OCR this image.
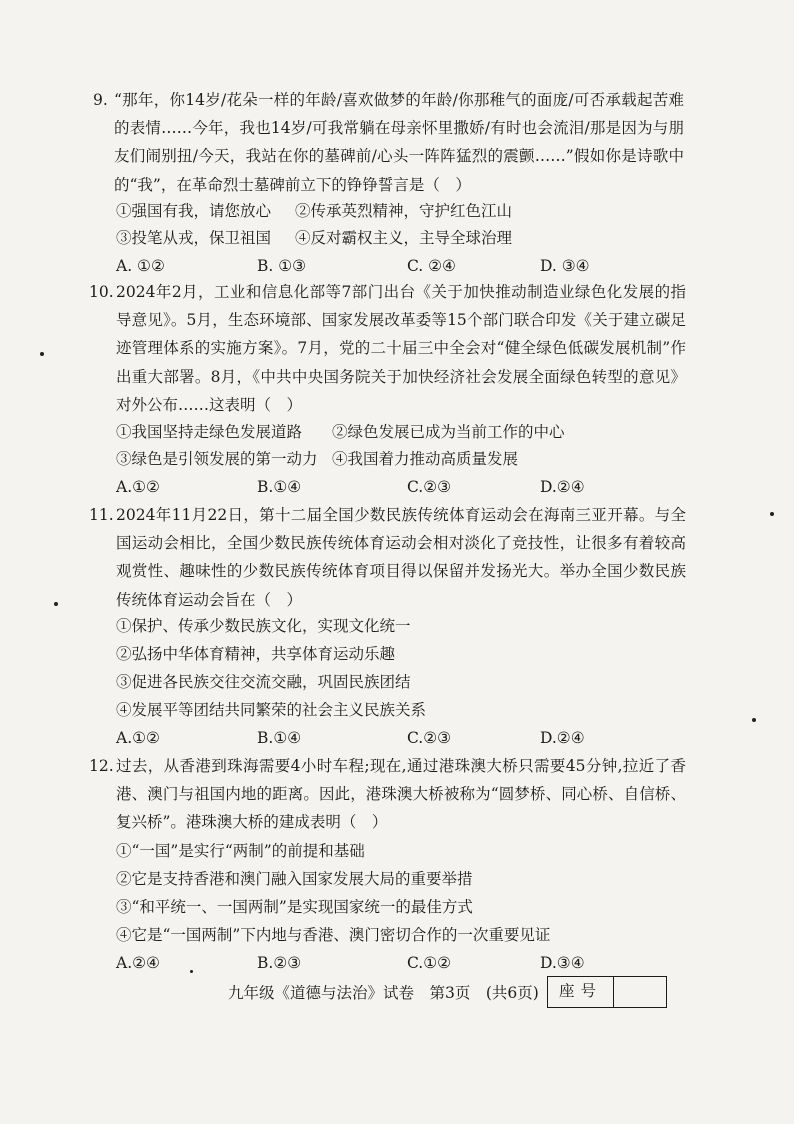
9. “那年，你14岁/花朵一样的年龄/喜欢做梦的年龄/你那稚气的面庞/可否承载起苦难的表情……今年，我也14岁/可我常躺在母亲怀里撒娇/有时也会流泪/那是因为与朋友们闹别扭/今天，我站在你的墓碑前/心头一阵阵猛烈的震颤……”假如你是诗歌中的“我”，在革命烈士墓碑前立下的铮铮誓言是（　）
①强国有我，请您放心 ②传承英烈精神，守护红色江山
③投笔从戎，保卫祖国 ④反对霸权主义，主导全球治理
A. ①②	B. ①③	C. ②④	D. ③④
10. 2024年2月，工业和信息化部等7部门出台《关于加快推动制造业绿色化发展的指导意见》。5月，生态环境部、国家发展改革委等15个部门联合印发《关于建立碳足迹管理体系的实施方案》。7月，党的二十届三中全会对“健全绿色低碳发展机制”作出重大部署。8月，《中共中央国务院关于加快经济社会发展全面绿色转型的意见》对外公布……这表明（　）
①我国坚持走绿色发展道路 ②绿色发展已成为当前工作的中心
③绿色是引领发展的第一动力 ④我国着力推动高质量发展
A.①②	B.①④	C.②③	D.②④
11. 2024年11月22日，第十二届全国少数民族传统体育运动会在海南三亚开幕。与全国运动会相比，全国少数民族传统体育运动会相对淡化了竞技性，让很多有着较高观赏性、趣味性的少数民族传统体育项目得以保留并发扬光大。举办全国少数民族传统体育运动会旨在（　）
①保护、传承少数民族文化，实现文化统一
②弘扬中华体育精神，共享体育运动乐趣
③促进各民族交往交流交融，巩固民族团结
④发展平等团结共同繁荣的社会主义民族关系
A.①②	B.①④	C.②③	D.②④
12. 过去，从香港到珠海需要4小时车程;现在,通过港珠澳大桥只需要45分钟,拉近了香港、澳门与祖国内地的距离。因此，港珠澳大桥被称为“圆梦桥、同心桥、自信桥、复兴桥”。港珠澳大桥的建成表明（　）
①“一国”是实行“两制”的前提和基础
②它是支持香港和澳门融入国家发展大局的重要举措
③“和平统一、一国两制”是实现国家统一的最佳方式
④它是“一国两制”下内地与香港、澳门密切合作的一次重要见证
A.②④	B.②③	C.①②	D.③④
九年级《道德与法治》试卷　第3页　(共6页)	座号
